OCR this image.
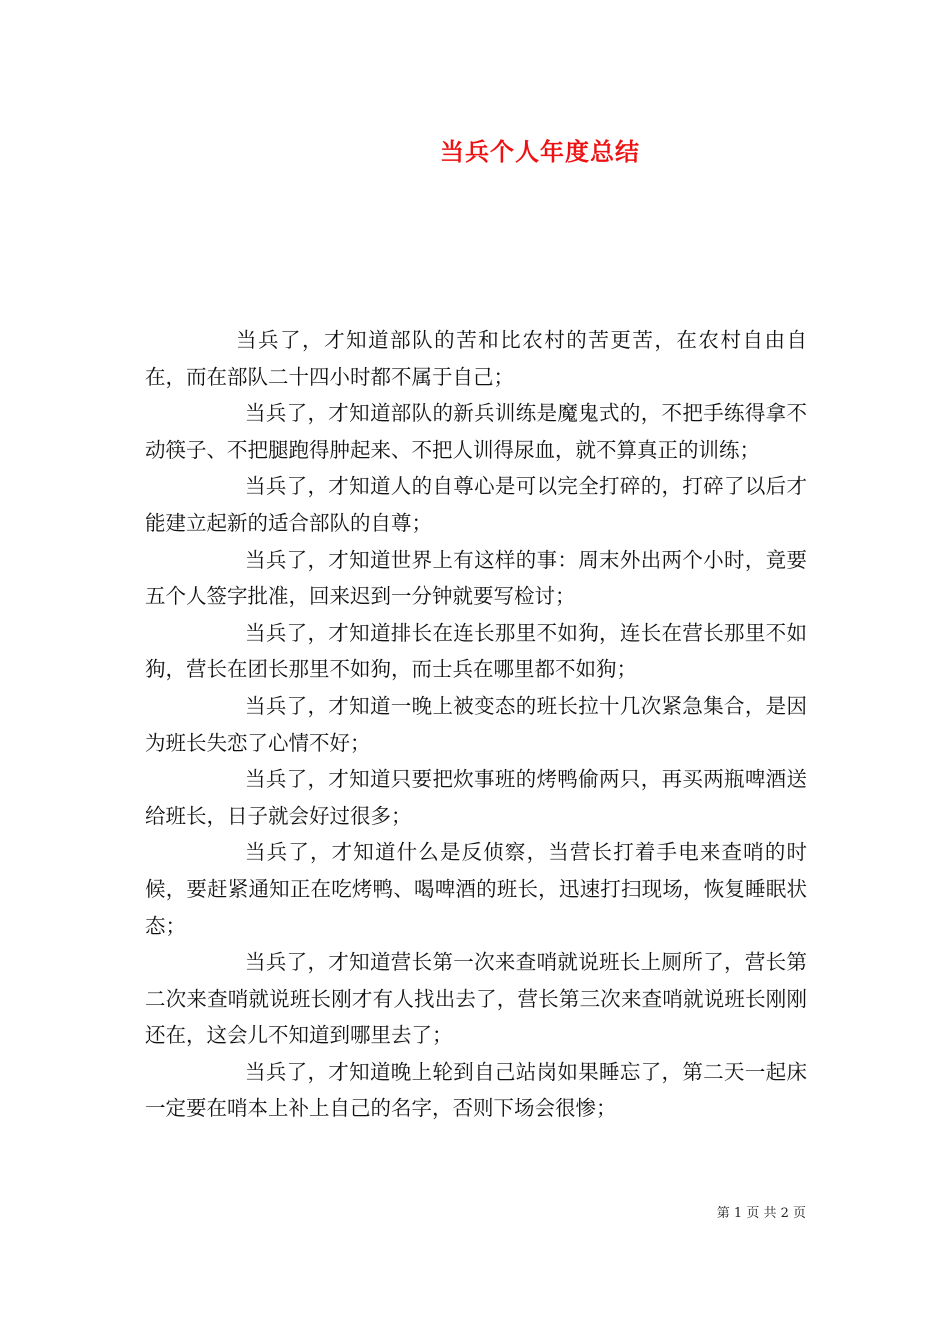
当兵个人年度总结

当兵了，才知道部队的苦和比农村的苦更苦，在农村自由自在，而在部队二十四小时都不属于自己；

当兵了，才知道部队的新兵训练是魔鬼式的，不把手练得拿不动筷子、不把腿跑得肿起来、不把人训得尿血，就不算真正的训练；

当兵了，才知道人的自尊心是可以完全打碎的，打碎了以后才能建立起新的适合部队的自尊；

当兵了，才知道世界上有这样的事：周末外出两个小时，竟要五个人签字批准，回来迟到一分钟就要写检讨；

当兵了，才知道排长在连长那里不如狗，连长在营长那里不如狗，营长在团长那里不如狗，而士兵在哪里都不如狗；

当兵了，才知道一晚上被变态的班长拉十几次紧急集合，是因为班长失恋了心情不好；

当兵了，才知道只要把炊事班的烤鸭偷两只，再买两瓶啤酒送给班长，日子就会好过很多；

当兵了，才知道什么是反侦察，当营长打着手电来查哨的时候，要赶紧通知正在吃烤鸭、喝啤酒的班长，迅速打扫现场，恢复睡眠状态；

当兵了，才知道营长第一次来查哨就说班长上厕所了，营长第二次来查哨就说班长刚才有人找出去了，营长第三次来查哨就说班长刚刚还在，这会儿不知道到哪里去了；

当兵了，才知道晚上轮到自己站岗如果睡忘了，第二天一起床一定要在哨本上补上自己的名字，否则下场会很惨；

第 1 页 共 2 页
